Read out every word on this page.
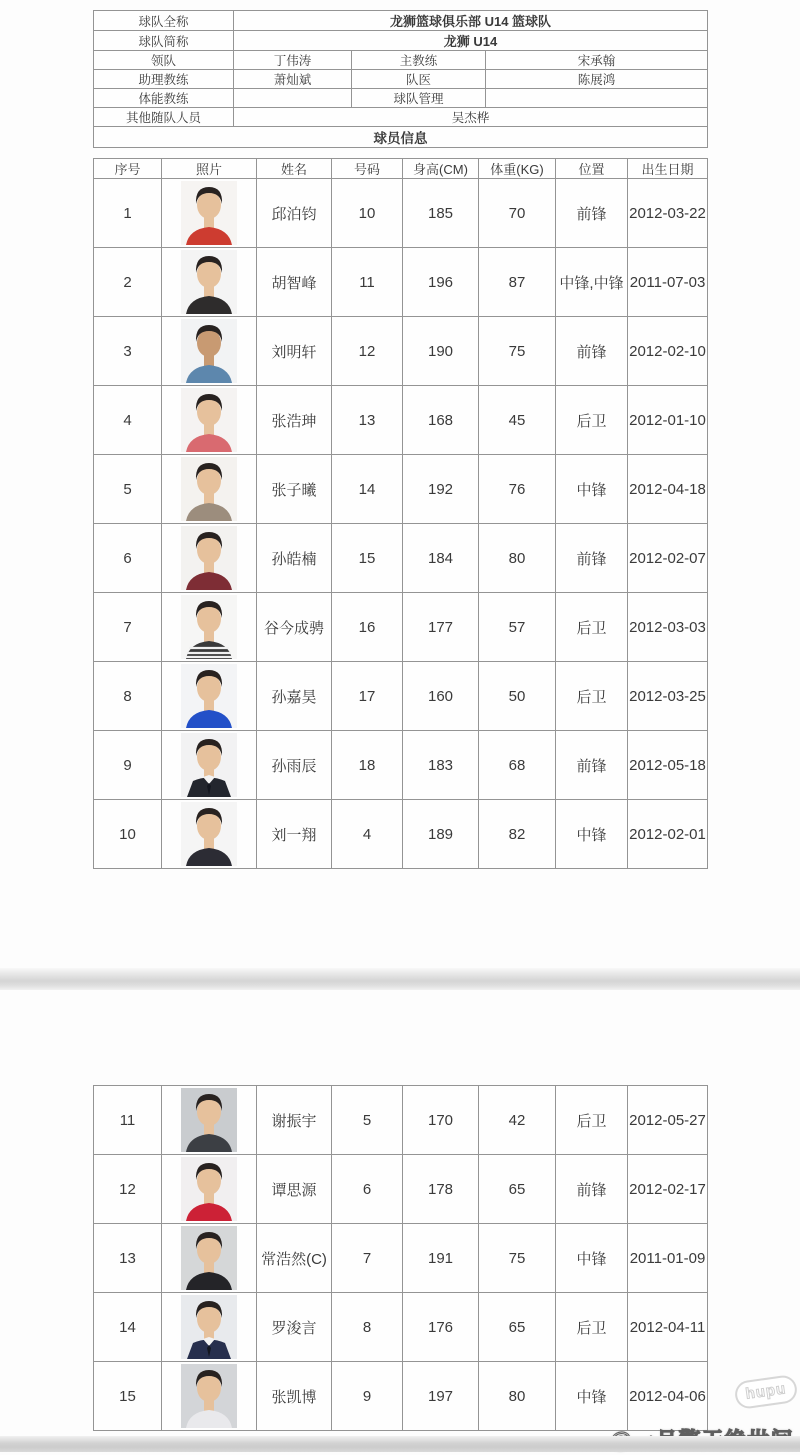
球队全称	龙狮篮球俱乐部 U14 篮球队		
球队简称	龙狮 U14		
领队	丁伟涛	主教练	宋承翰
助理教练	萧灿斌	队医	陈展鸿
体能教练		球队管理	
其他随队人员	吴杰桦		
球员信息			
序号	照片	姓名	号码	身高(CM)	体重(KG)	位置	出生日期
1		邱泊钧	10	185	70	前锋	2012-03-22
2		胡智峰	11	196	87	中锋,中锋	2011-07-03
3		刘明轩	12	190	75	前锋	2012-02-10
4		张浩珅	13	168	45	后卫	2012-01-10
5		张子曦	14	192	76	中锋	2012-04-18
6		孙皓楠	15	184	80	前锋	2012-02-07
7		谷今成骋	16	177	57	后卫	2012-03-03
8		孙嘉昊	17	160	50	后卫	2012-03-25
9		孙雨辰	18	183	68	前锋	2012-05-18
10		刘一翔	4	189	82	中锋	2012-02-01
11		谢振宇	5	170	42	后卫	2012-05-27
12		谭思源	6	178	65	前锋	2012-02-17
13		常浩然(C)	7	191	75	中锋	2011-01-09
14		罗浚言	8	176	65	后卫	2012-04-11
15		张凯博	9	197	80	中锋	2012-04-06	hupu
